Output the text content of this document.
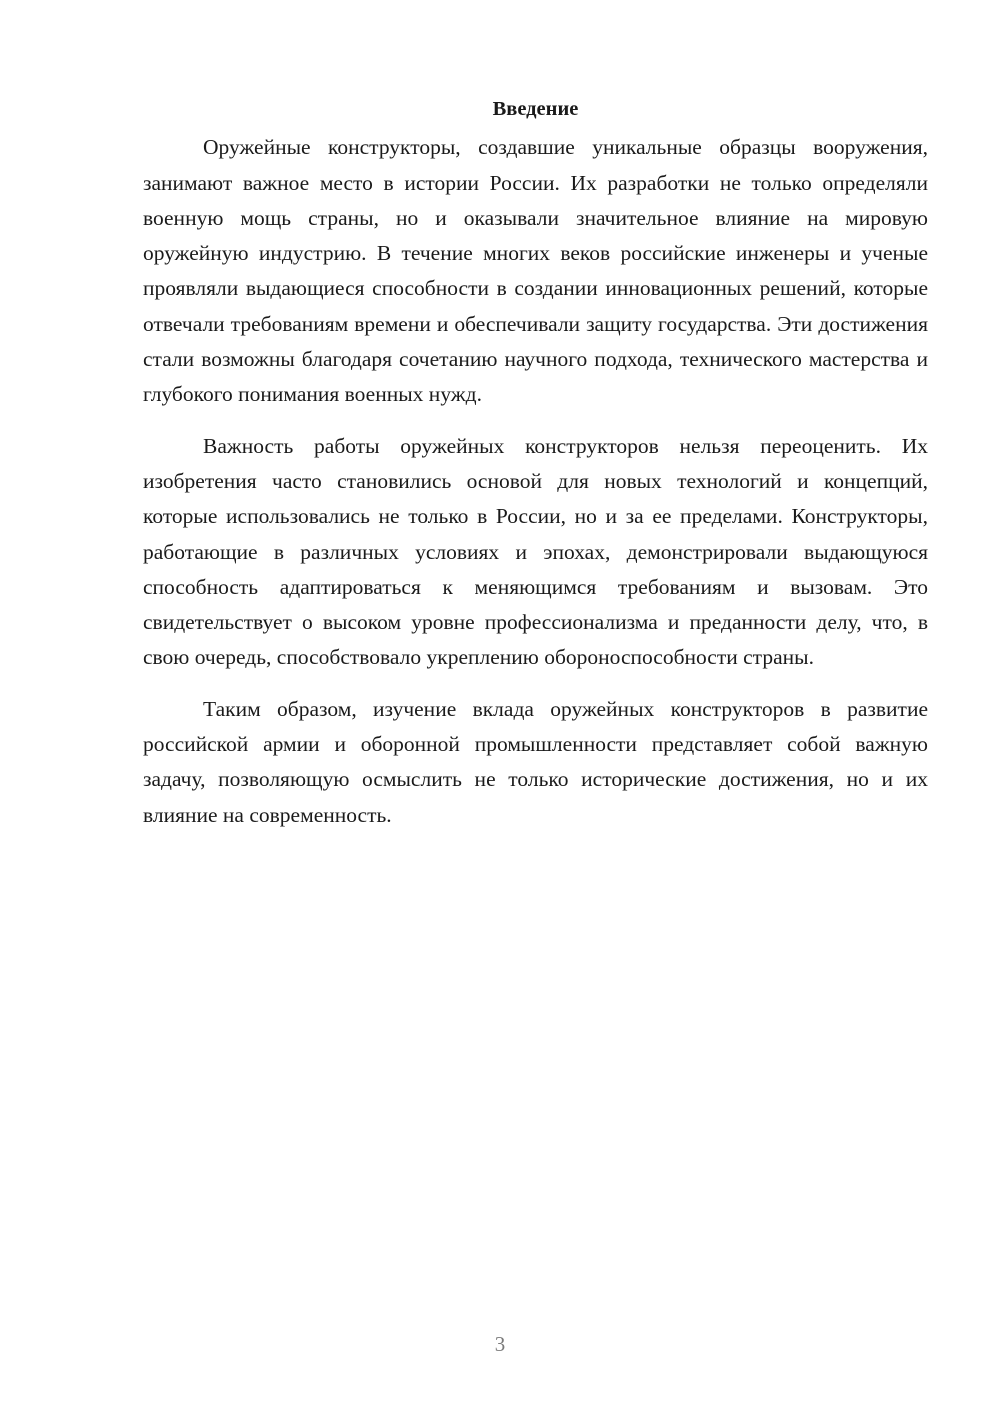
Введение

Оружейные конструкторы, создавшие уникальные образцы вооружения, занимают важное место в истории России. Их разработки не только определяли военную мощь страны, но и оказывали значительное влияние на мировую оружейную индустрию. В течение многих веков российские инженеры и ученые проявляли выдающиеся способности в создании инновационных решений, которые отвечали требованиям времени и обеспечивали защиту государства. Эти достижения стали возможны благодаря сочетанию научного подхода, технического мастерства и глубокого понимания военных нужд.

Важность работы оружейных конструкторов нельзя переоценить. Их изобретения часто становились основой для новых технологий и концепций, которые использовались не только в России, но и за ее пределами. Конструкторы, работающие в различных условиях и эпохах, демонстрировали выдающуюся способность адаптироваться к меняющимся требованиям и вызовам. Это свидетельствует о высоком уровне профессионализма и преданности делу, что, в свою очередь, способствовало укреплению обороноспособности страны.

Таким образом, изучение вклада оружейных конструкторов в развитие российской армии и оборонной промышленности представляет собой важную задачу, позволяющую осмыслить не только исторические достижения, но и их влияние на современность.

3
